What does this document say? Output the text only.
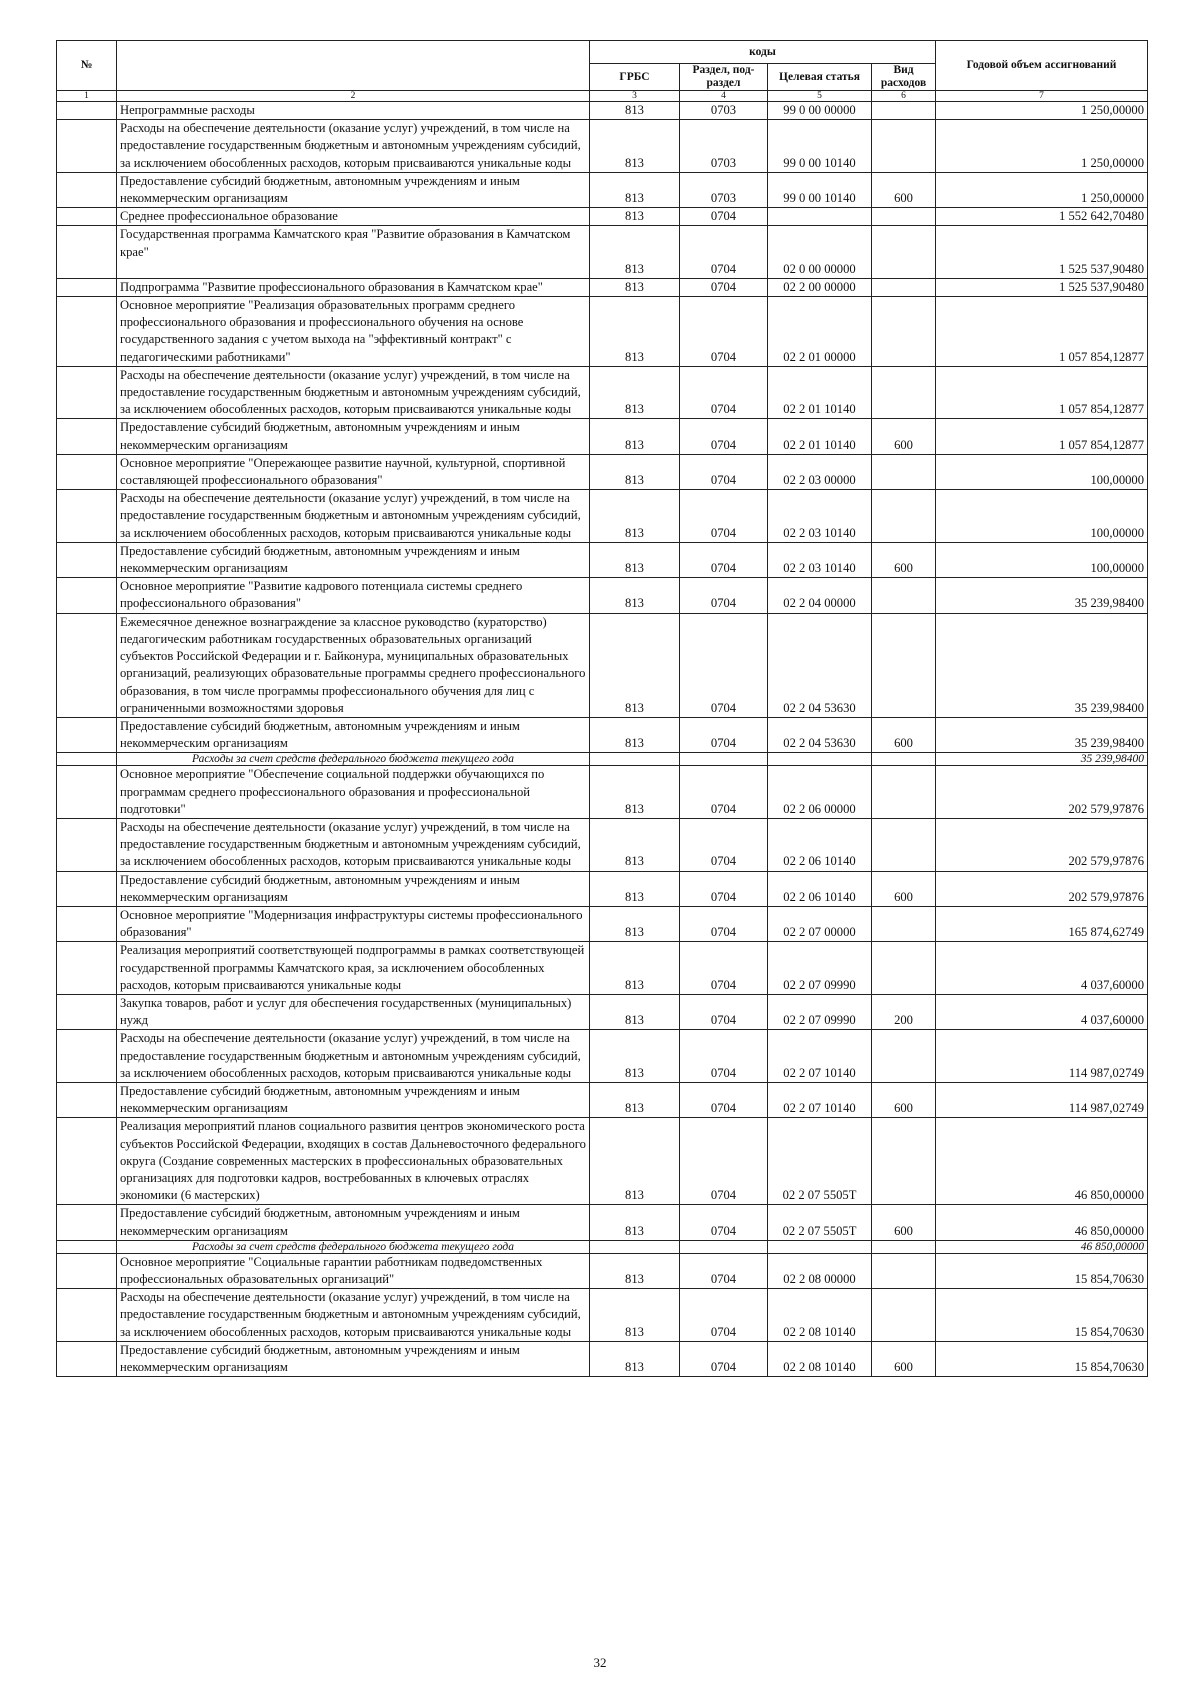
№		коды				Годовой объем ассигнований
		ГРБС	Раздел, под-раздел	Целевая статья	Вид расходов	
1	2	3	4	5	6	7
	Непрограммные расходы	813	0703	99 0 00 00000		1 250,00000
	Расходы на обеспечение деятельности (оказание услуг) учреждений, в том числе на предоставление государственным бюджетным и автономным учреждениям субсидий, за исключением обособленных расходов, которым присваиваются уникальные коды	813	0703	99 0 00 10140		1 250,00000
	Предоставление субсидий бюджетным, автономным учреждениям и иным некоммерческим организациям	813	0703	99 0 00 10140	600	1 250,00000
	Среднее профессиональное образование	813	0704			1 552 642,70480
	Государственная программа Камчатского края "Развитие образования в Камчатском крае"	813	0704	02 0 00 00000		1 525 537,90480
	Подпрограмма "Развитие профессионального образования в Камчатском крае"	813	0704	02 2 00 00000		1 525 537,90480
	Основное мероприятие "Реализация образовательных программ среднего профессионального образования и профессионального обучения на основе государственного задания с учетом выхода на "эффективный контракт" с педагогическими работниками"	813	0704	02 2 01 00000		1 057 854,12877
	Расходы на обеспечение деятельности (оказание услуг) учреждений, в том числе на предоставление государственным бюджетным и автономным учреждениям субсидий, за исключением обособленных расходов, которым присваиваются уникальные коды	813	0704	02 2 01 10140		1 057 854,12877
	Предоставление субсидий бюджетным, автономным учреждениям и иным некоммерческим организациям	813	0704	02 2 01 10140	600	1 057 854,12877
	Основное мероприятие "Опережающее развитие научной, культурной, спортивной составляющей профессионального образования"	813	0704	02 2 03 00000		100,00000
	Расходы на обеспечение деятельности (оказание услуг) учреждений, в том числе на предоставление государственным бюджетным и автономным учреждениям субсидий, за исключением обособленных расходов, которым присваиваются уникальные коды	813	0704	02 2 03 10140		100,00000
	Предоставление субсидий бюджетным, автономным учреждениям и иным некоммерческим организациям	813	0704	02 2 03 10140	600	100,00000
	Основное мероприятие "Развитие кадрового потенциала системы среднего профессионального образования"	813	0704	02 2 04 00000		35 239,98400
	Ежемесячное денежное вознаграждение за классное руководство (кураторство) педагогическим работникам государственных образовательных организаций субъектов Российской Федерации и г. Байконура, муниципальных образовательных организаций, реализующих образовательные программы среднего профессионального образования, в том числе программы профессионального обучения для лиц с ограниченными возможностями здоровья	813	0704	02 2 04 53630		35 239,98400
	Предоставление субсидий бюджетным, автономным учреждениям и иным некоммерческим организациям	813	0704	02 2 04 53630	600	35 239,98400
	Расходы за счет средств федерального бюджета текущего года					35 239,98400
	Основное мероприятие "Обеспечение социальной поддержки обучающихся по программам среднего профессионального образования и профессиональной подготовки"	813	0704	02 2 06 00000		202 579,97876
	Расходы на обеспечение деятельности (оказание услуг) учреждений, в том числе на предоставление государственным бюджетным и автономным учреждениям субсидий, за исключением обособленных расходов, которым присваиваются уникальные коды	813	0704	02 2 06 10140		202 579,97876
	Предоставление субсидий бюджетным, автономным учреждениям и иным некоммерческим организациям	813	0704	02 2 06 10140	600	202 579,97876
	Основное мероприятие "Модернизация инфраструктуры системы профессионального образования"	813	0704	02 2 07 00000		165 874,62749
	Реализация мероприятий соответствующей подпрограммы в рамках соответствующей государственной программы Камчатского края, за исключением обособленных расходов, которым присваиваются уникальные коды	813	0704	02 2 07 09990		4 037,60000
	Закупка товаров, работ и услуг для обеспечения государственных (муниципальных) нужд	813	0704	02 2 07 09990	200	4 037,60000
	Расходы на обеспечение деятельности (оказание услуг) учреждений, в том числе на предоставление государственным бюджетным и автономным учреждениям субсидий, за исключением обособленных расходов, которым присваиваются уникальные коды	813	0704	02 2 07 10140		114 987,02749
	Предоставление субсидий бюджетным, автономным учреждениям и иным некоммерческим организациям	813	0704	02 2 07 10140	600	114 987,02749
	Реализация мероприятий планов социального развития центров экономического роста субъектов Российской Федерации, входящих в состав Дальневосточного федерального округа (Создание современных мастерских в профессиональных образовательных организациях для подготовки кадров, востребованных в ключевых отраслях экономики (6 мастерских)	813	0704	02 2 07 5505Т		46 850,00000
	Предоставление субсидий бюджетным, автономным учреждениям и иным некоммерческим организациям	813	0704	02 2 07 5505Т	600	46 850,00000
	Расходы за счет средств федерального бюджета текущего года					46 850,00000
	Основное мероприятие "Социальные гарантии работникам подведомственных профессиональных образовательных организаций"	813	0704	02 2 08 00000		15 854,70630
	Расходы на обеспечение деятельности (оказание услуг) учреждений, в том числе на предоставление государственным бюджетным и автономным учреждениям субсидий, за исключением обособленных расходов, которым присваиваются уникальные коды	813	0704	02 2 08 10140		15 854,70630
	Предоставление субсидий бюджетным, автономным учреждениям и иным некоммерческим организациям	813	0704	02 2 08 10140	600	15 854,70630
32
